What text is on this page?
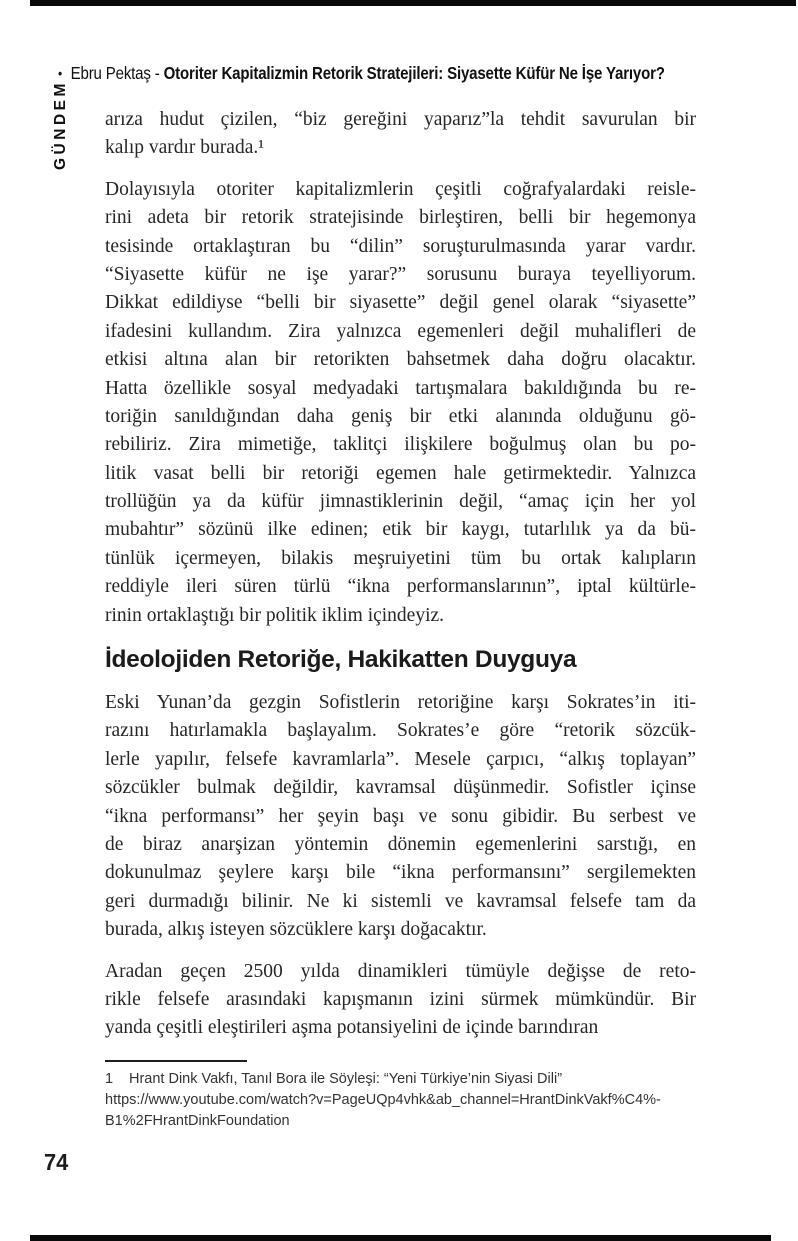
• Ebru Pektaş - Otoriter Kapitalizmin Retorik Stratejileri: Siyasette Küfür Ne İşe Yarıyor?
GÜNDEM arıza hudut çizilen, “biz gereğini yaparız”la tehdit savurulan bir
kalıp vardır burada.¹
Dolayısıyla otoriter kapitalizmlerin çeşitli coğrafyalardaki reisle-
rini adeta bir retorik stratejisinde birleştiren, belli bir hegemonya
tesisinde ortaklaştıran bu “dilin” soruşturulmasında yarar vardır.
“Siyasette küfür ne işe yarar?” sorusunu buraya teyelliyorum.
Dikkat edildiyse “belli bir siyasette” değil genel olarak “siyasette”
ifadesini kullandım. Zira yalnızca egemenleri değil muhalifleri de
etkisi altına alan bir retorikten bahsetmek daha doğru olacaktır.
Hatta özellikle sosyal medyadaki tartışmalara bakıldığında bu re-
toriğin sanıldığından daha geniş bir etki alanında olduğunu gö-
rebiliriz. Zira mimetiğe, taklitçi ilişkilere boğulmuş olan bu po-
litik vasat belli bir retoriği egemen hale getirmektedir. Yalnızca
trollüğün ya da küfür jimnastiklerinin değil, “amaç için her yol
mubahtır” sözünü ilke edinen; etik bir kaygı, tutarlılık ya da bü-
tünlük içermeyen, bilakis meşruiyetini tüm bu ortak kalıpların
reddiyle ileri süren türlü “ikna performanslarının”, iptal kültürle-
rinin ortaklaştığı bir politik iklim içindeyiz.
İdeolojiden Retoriğe, Hakikatten Duyguya
Eski Yunan’da gezgin Sofistlerin retoriğine karşı Sokrates’in iti-
razını hatırlamakla başlayalım. Sokrates’e göre “retorik sözcük-
lerle yapılır, felsefe kavramlarla”. Mesele çarpıcı, “alkış toplayan”
sözcükler bulmak değildir, kavramsal düşünmedir. Sofistler içinse
“ikna performansı” her şeyin başı ve sonu gibidir. Bu serbest ve
de biraz anarşizan yöntemin dönemin egemenlerini sarstığı, en
dokunulmaz şeylere karşı bile “ikna performansını” sergilemekten
geri durmadığı bilinir. Ne ki sistemli ve kavramsal felsefe tam da
burada, alkış isteyen sözcüklere karşı doğacaktır.
Aradan geçen 2500 yılda dinamikleri tümüyle değişse de reto-
rikle felsefe arasındaki kapışmanın izini sürmek mümkündür. Bir
yanda çeşitli eleştirileri aşma potansiyelini de içinde barındıran
1 Hrant Dink Vakfı, Tanıl Bora ile Söyleşi: “Yeni Türkiye’nin Siyasi Dili”
https://www.youtube.com/watch?v=PageUQp4vhk&ab_channel=HrantDinkVakf%C4%-
B1%2FHrantDinkFoundation
74
